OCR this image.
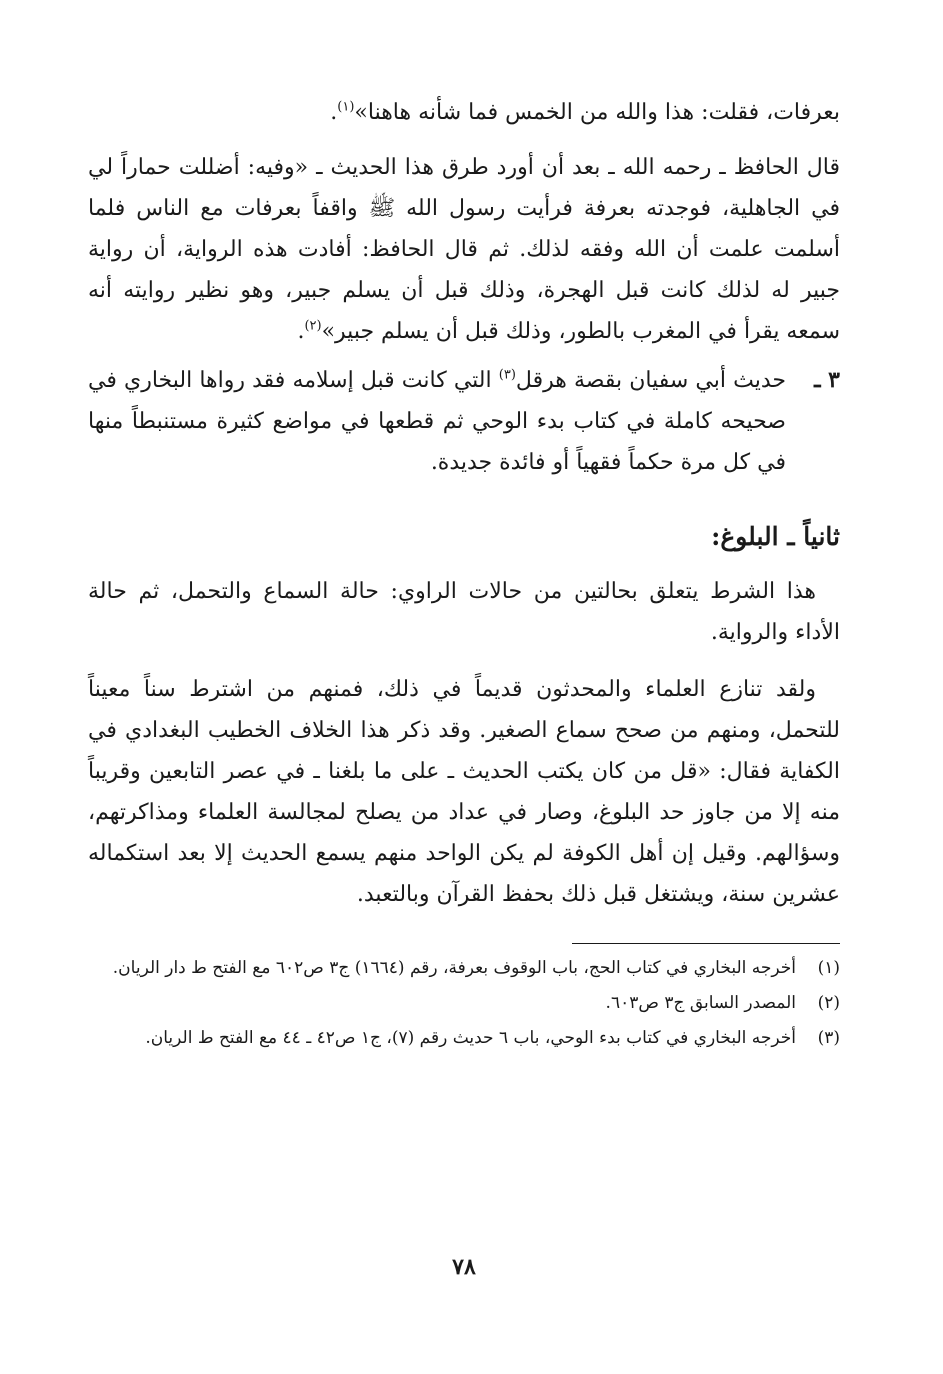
بعرفات، فقلت: هذا والله من الخمس فما شأنه هاهنا»$^{(١)}$.

قال الحافظ ـ رحمه الله ـ بعد أن أورد طرق هذا الحديث ـ «وفيه: أضللت حماراً لي في الجاهلية، فوجدته بعرفة فرأيت رسول الله ﷺ واقفاً بعرفات مع الناس فلما أسلمت علمت أن الله وفقه لذلك. ثم قال الحافظ: أفادت هذه الرواية، أن رواية جبير له لذلك كانت قبل الهجرة، وذلك قبل أن يسلم جبير، وهو نظير روايته أنه سمعه يقرأ في المغرب بالطور، وذلك قبل أن يسلم جبير»$^{(٢)}$.

٣ ـ
حديث أبي سفيان بقصة هرقل$^{(٣)}$ التي كانت قبل إسلامه فقد رواها البخاري في صحيحه كاملة في كتاب بدء الوحي ثم قطعها في مواضع كثيرة مستنبطاً منها في كل مرة حكماً فقهياً أو فائدة جديدة.
ثانياً ـ البلوغ:

هذا الشرط يتعلق بحالتين من حالات الراوي: حالة السماع والتحمل، ثم حالة الأداء والرواية.

ولقد تنازع العلماء والمحدثون قديماً في ذلك، فمنهم من اشترط سناً معيناً للتحمل، ومنهم من صحح سماع الصغير. وقد ذكر هذا الخلاف الخطيب البغدادي في الكفاية فقال: «قل من كان يكتب الحديث ـ على ما بلغنا ـ في عصر التابعين وقريباً منه إلا من جاوز حد البلوغ، وصار في عداد من يصلح لمجالسة العلماء ومذاكرتهم، وسؤالهم. وقيل إن أهل الكوفة لم يكن الواحد منهم يسمع الحديث إلا بعد استكماله عشرين سنة، ويشتغل قبل ذلك بحفظ القرآن وبالتعبد.

(١)
أخرجه البخاري في كتاب الحج، باب الوقوف بعرفة، رقم (١٦٦٤) ج٣ ص٦٠٢ مع الفتح ط دار الريان.
(٢)
المصدر السابق ج٣ ص٦٠٣.
(٣)
أخرجه البخاري في كتاب بدء الوحي، باب ٦ حديث رقم (٧)، ج١ ص٤٢ ـ ٤٤ مع الفتح ط الريان.
٧٨
